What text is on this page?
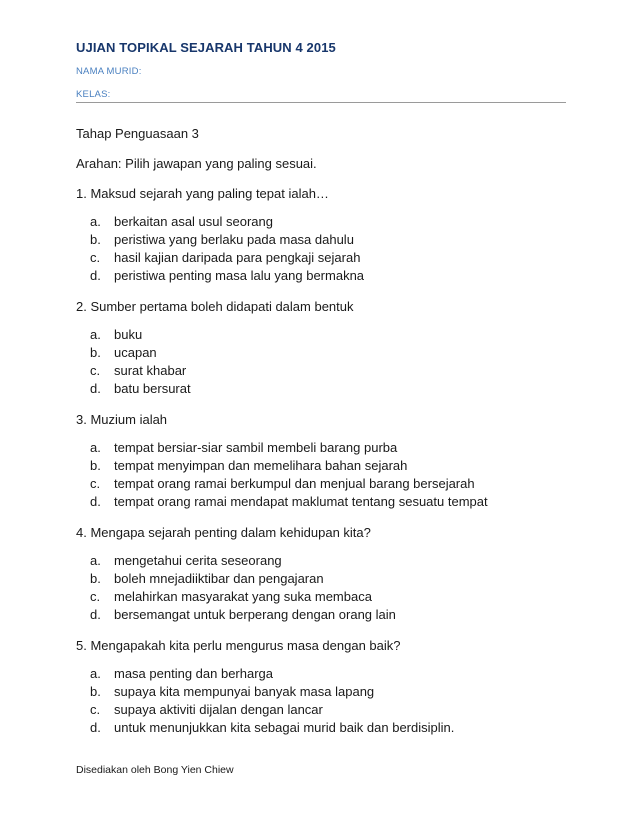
UJIAN TOPIKAL SEJARAH TAHUN 4 2015
NAMA MURID:
KELAS:

Tahap Penguasaan 3

Arahan: Pilih jawapan yang paling sesuai.

1. Maksud sejarah yang paling tepat ialah…

a.	berkaitan asal usul seorang
b.	peristiwa yang berlaku pada masa dahulu
c.	hasil kajian daripada para pengkaji sejarah
d.	peristiwa penting masa lalu yang bermakna

2. Sumber pertama boleh didapati dalam bentuk

a.	buku
b.	ucapan
c.	surat khabar
d.	batu bersurat

3. Muzium ialah

a.	tempat bersiar-siar sambil membeli barang purba
b.	tempat menyimpan dan memelihara bahan sejarah
c.	tempat orang ramai berkumpul dan menjual barang bersejarah
d.	tempat orang ramai mendapat maklumat tentang sesuatu tempat

4. Mengapa sejarah penting dalam kehidupan kita?

a.	mengetahui cerita seseorang
b.	boleh mnejadiiktibar dan pengajaran
c.	melahirkan masyarakat yang suka membaca
d.	bersemangat untuk berperang dengan orang lain

5. Mengapakah kita perlu mengurus masa dengan baik?

a.	masa penting dan berharga
b.	supaya kita mempunyai banyak masa lapang
c.	supaya aktiviti dijalan dengan lancar
d.	untuk menunjukkan kita sebagai murid baik dan berdisiplin.
Disediakan oleh Bong Yien Chiew
